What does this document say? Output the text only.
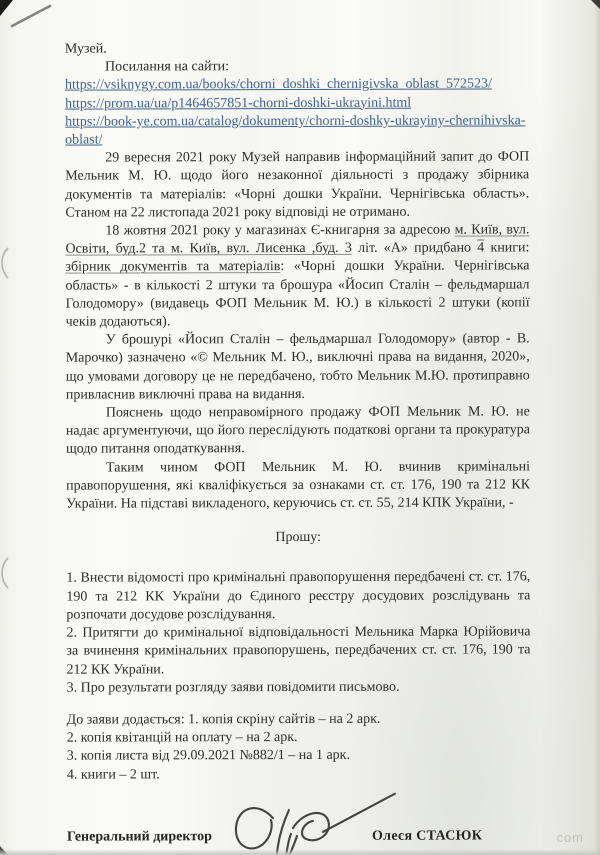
Музей.

Посилання на сайти:

https://vsiknygy.com.ua/books/chorni_doshki_chernigivska_oblast_572523/
https://prom.ua/ua/p1464657851-chorni-doshki-ukrayini.html
https://book-ye.com.ua/catalog/dokumenty/chorni-doshky-ukrayiny-chernihivska-oblast/

29 вересня 2021 року Музей направив інформаційний запит до ФОП Мельник М. Ю. щодо його незаконної діяльності з продажу збірника документів та матеріалів: «Чорні дошки України. Чернігівська область». Станом на 22 листопада 2021 року відповіді не отримано.

18 жовтня 2021 року у магазинах Є-книгарня за адресою м. Київ, вул. Освіти, буд.2 та м. Київ, вул. Лисенка ,буд. 3 літ. «А» придбано 4 книги: збірник документів та матеріалів: «Чорні дошки України. Чернігівська область» - в кількості 2 штуки та брошура «Йосип Сталін – фельдмаршал Голодомору» (видавець ФОП Мельник М. Ю.) в кількості 2 штуки (копії чеків додаються).

У брошурі «Йосип Сталін – фельдмаршал Голодомору» (автор - В. Марочко) зазначено «© Мельник М. Ю., виключні права на видання, 2020», що умовами договору це не передбачено, тобто Мельник М.Ю. протиправно привласнив виключні права на видання.

Пояснень щодо неправомірного продажу ФОП Мельник М. Ю. не надає аргументуючи, що його переслідують податкові органи та прокуратура щодо питання оподаткування.

Таким чином ФОП Мельник М. Ю. вчинив кримінальні правопорушення, які кваліфікується за ознаками ст. ст. 176, 190 та 212 КК України. На підставі викладеного, керуючись ст. ст. 55, 214 КПК України, -

Прошу:

1. Внести відомості про кримінальні правопорушення передбачені ст. ст. 176, 190 та 212 КК України до Єдиного реєстру досудових розслідувань та розпочати досудове розслідування.

2. Притягти до кримінальної відповідальності Мельника Марка Юрійовича за вчинення кримінальних правопорушень, передбачених ст. ст. 176, 190 та 212 КК України.

3. Про результати розгляду заяви повідомити письмово.

До заяви додається: 1. копія скріну сайтів – на 2 арк.

2. копія квітанцій на оплату – на 2 арк.

3. копія листа від 29.09.2021 №882/1 – на 1 арк.

4. книги – 2 шт.

Генеральний директор	Олеся СТАСЮК	com
